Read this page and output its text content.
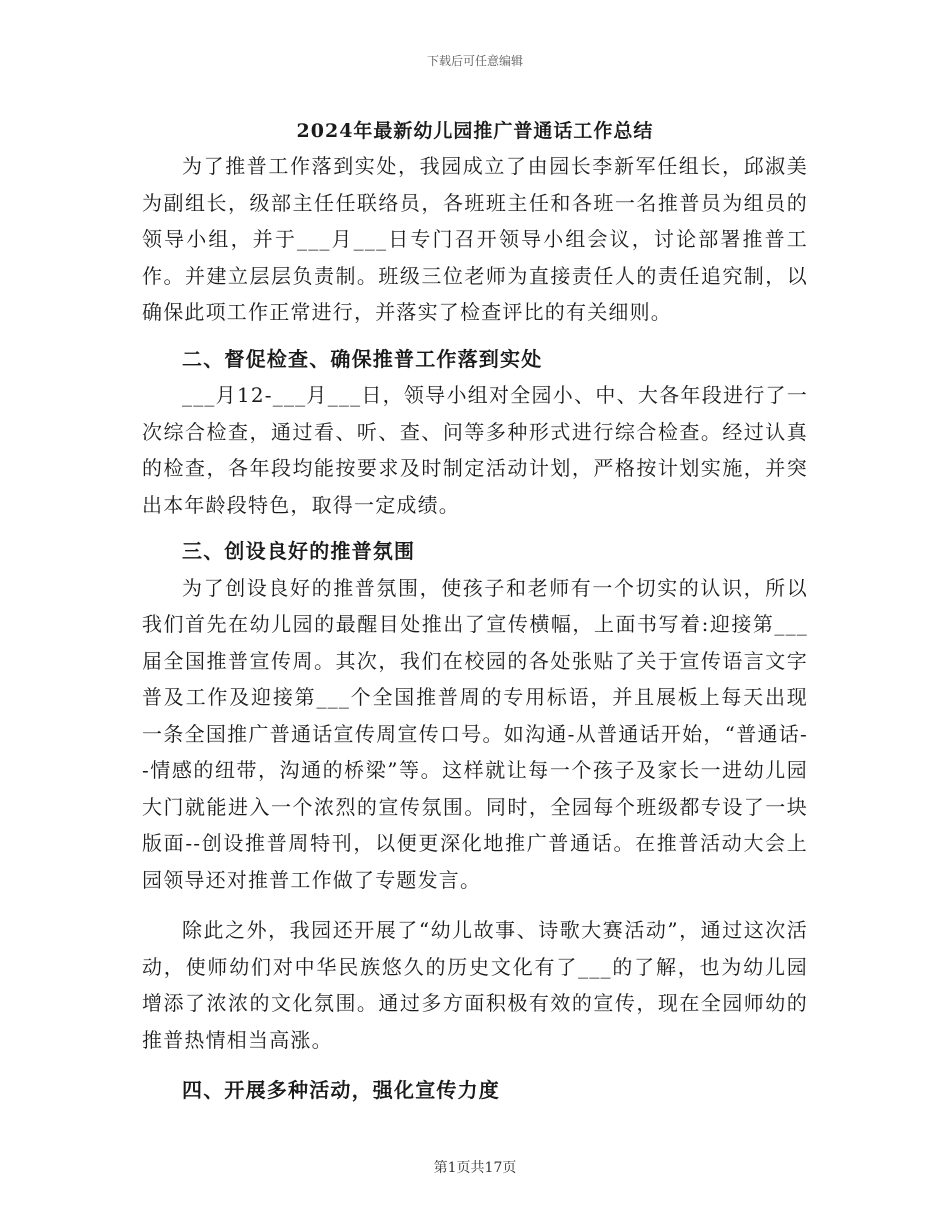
下载后可任意编辑
2024年最新幼儿园推广普通话工作总结

为了推普工作落到实处，我园成立了由园长李新军任组长，邱淑美为副组长，级部主任任联络员，各班班主任和各班一名推普员为组员的领导小组，并于___月___日专门召开领导小组会议，讨论部署推普工作。并建立层层负责制。班级三位老师为直接责任人的责任追究制，以确保此项工作正常进行，并落实了检查评比的有关细则。

二、督促检查、确保推普工作落到实处

___月12-___月___日，领导小组对全园小、中、大各年段进行了一次综合检查，通过看、听、查、问等多种形式进行综合检查。经过认真的检查，各年段均能按要求及时制定活动计划，严格按计划实施，并突出本年龄段特色，取得一定成绩。

三、创设良好的推普氛围

为了创设良好的推普氛围，使孩子和老师有一个切实的认识，所以我们首先在幼儿园的最醒目处推出了宣传横幅，上面书写着:迎接第___届全国推普宣传周。其次，我们在校园的各处张贴了关于宣传语言文字普及工作及迎接第___个全国推普周的专用标语，并且展板上每天出现一条全国推广普通话宣传周宣传口号。如沟通-从普通话开始，“普通话--情感的纽带，沟通的桥梁”等。这样就让每一个孩子及家长一进幼儿园大门就能进入一个浓烈的宣传氛围。同时，全园每个班级都专设了一块版面--创设推普周特刊，以便更深化地推广普通话。在推普活动大会上园领导还对推普工作做了专题发言。

除此之外，我园还开展了“幼儿故事、诗歌大赛活动”，通过这次活动，使师幼们对中华民族悠久的历史文化有了___的了解，也为幼儿园增添了浓浓的文化氛围。通过多方面积极有效的宣传，现在全园师幼的推普热情相当高涨。

四、开展多种活动，强化宣传力度

第1页共17页
